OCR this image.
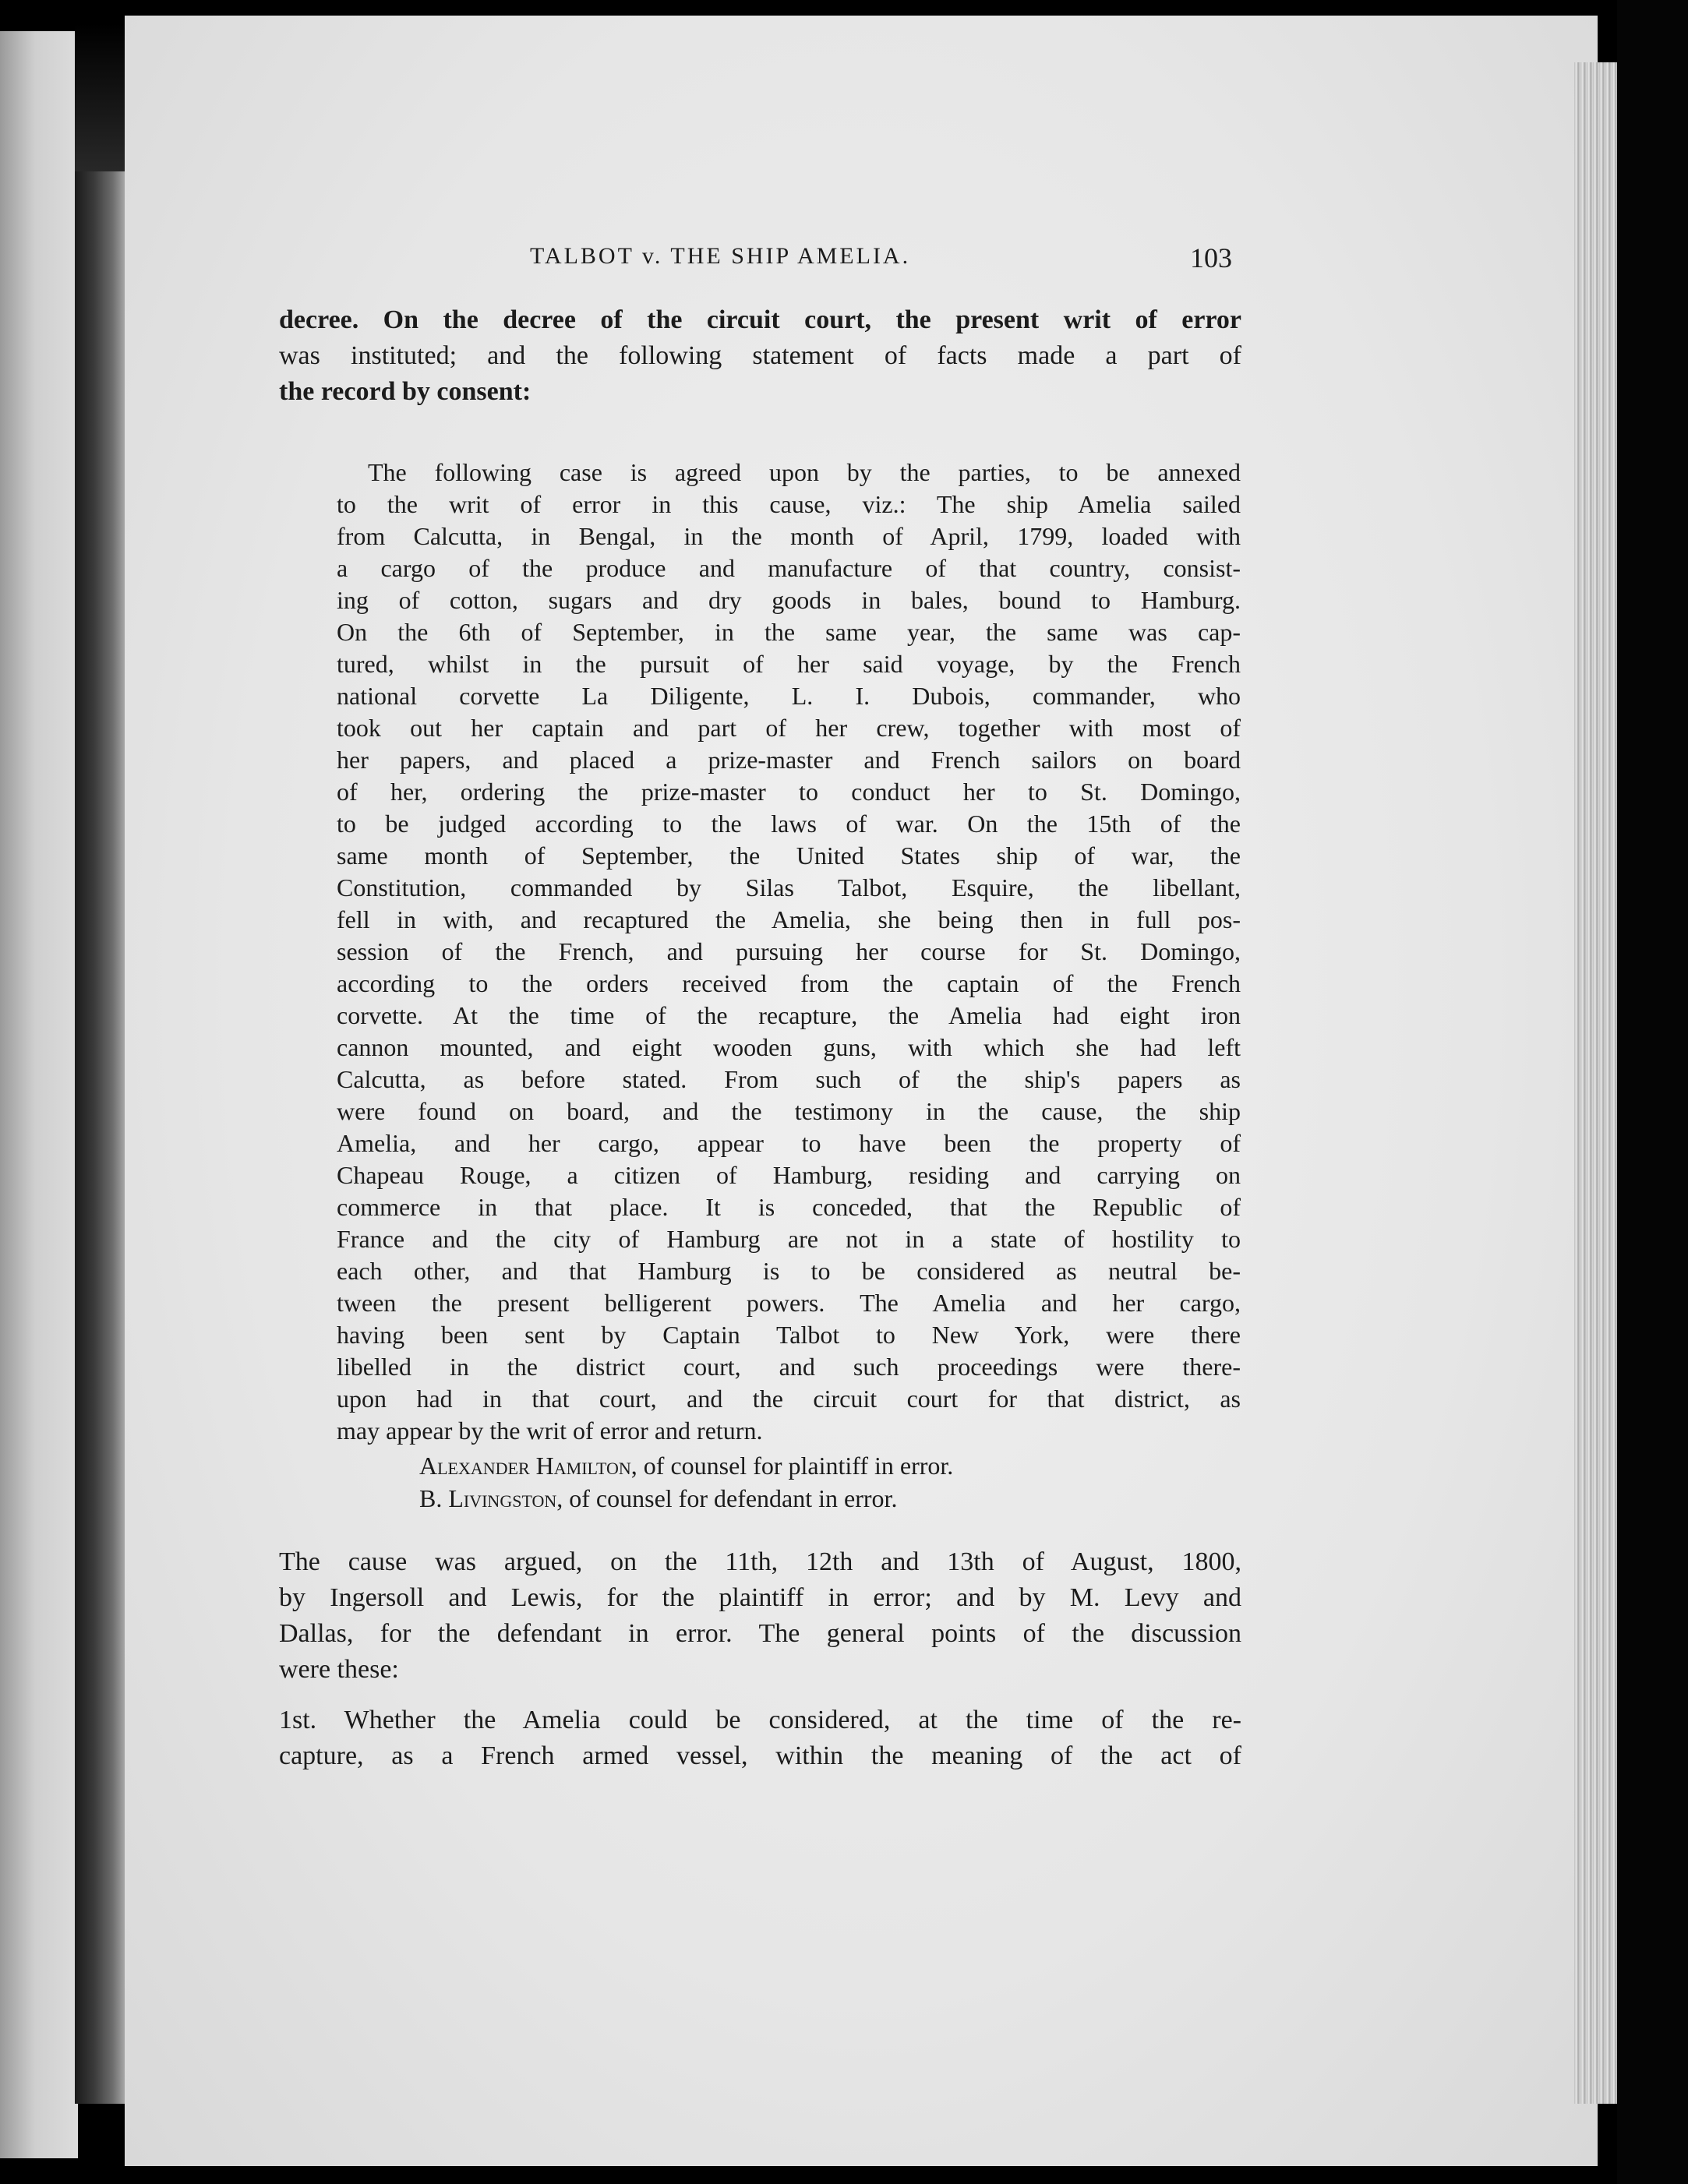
TALBOT v. THE SHIP AMELIA.	103
decree. On the decree of the circuit court, the present writ of error
was instituted; and the following statement of facts made a part of
the record by consent:
The following case is agreed upon by the parties, to be annexed
to the writ of error in this cause, viz.: The ship Amelia sailed
from Calcutta, in Bengal, in the month of April, 1799, loaded with
a cargo of the produce and manufacture of that country, consist-
ing of cotton, sugars and dry goods in bales, bound to Hamburg.
On the 6th of September, in the same year, the same was cap-
tured, whilst in the pursuit of her said voyage, by the French
national corvette La Diligente, L. I. Dubois, commander, who
took out her captain and part of her crew, together with most of
her papers, and placed a prize-master and French sailors on board
of her, ordering the prize-master to conduct her to St. Domingo,
to be judged according to the laws of war. On the 15th of the
same month of September, the United States ship of war, the
Constitution, commanded by Silas Talbot, Esquire, the libellant,
fell in with, and recaptured the Amelia, she being then in full pos-
session of the French, and pursuing her course for St. Domingo,
according to the orders received from the captain of the French
corvette. At the time of the recapture, the Amelia had eight iron
cannon mounted, and eight wooden guns, with which she had left
Calcutta, as before stated. From such of the ship's papers as
were found on board, and the testimony in the cause, the ship
Amelia, and her cargo, appear to have been the property of
Chapeau Rouge, a citizen of Hamburg, residing and carrying on
commerce in that place. It is conceded, that the Republic of
France and the city of Hamburg are not in a state of hostility to
each other, and that Hamburg is to be considered as neutral be-
tween the present belligerent powers. The Amelia and her cargo,
having been sent by Captain Talbot to New York, were there
libelled in the district court, and such proceedings were there-
upon had in that court, and the circuit court for that district, as
may appear by the writ of error and return.
Alexander Hamilton, of counsel for plaintiff in error.
B. Livingston, of counsel for defendant in error.
The cause was argued, on the 11th, 12th and 13th of August, 1800,
by Ingersoll and Lewis, for the plaintiff in error; and by M. Levy and
Dallas, for the defendant in error. The general points of the discussion
were these:
1st. Whether the Amelia could be considered, at the time of the re-
capture, as a French armed vessel, within the meaning of the act of
